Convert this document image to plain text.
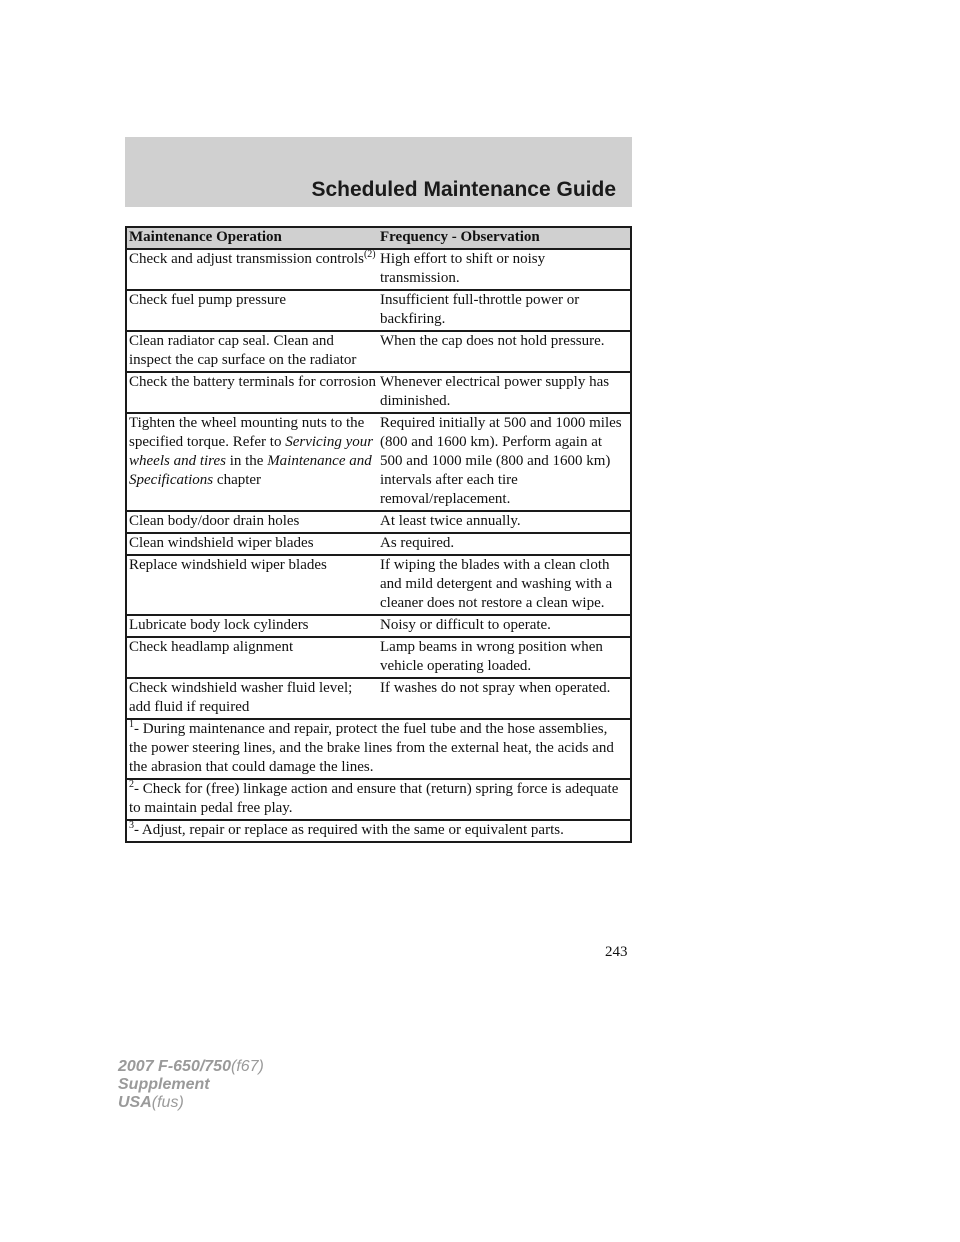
Scheduled Maintenance Guide
Maintenance Operation	Frequency - Observation
Check and adjust transmission controls$^{(2)}$	High effort to shift or noisy transmission.
Check fuel pump pressure	Insufficient full-throttle power or backfiring.
Clean radiator cap seal. Clean and inspect the cap surface on the radiator	When the cap does not hold pressure.
Check the battery terminals for corrosion	Whenever electrical power supply has diminished.
Tighten the wheel mounting nuts to the specified torque. Refer to Servicing your wheels and tires in the Maintenance and Specifications chapter	Required initially at 500 and 1000 miles (800 and 1600 km). Perform again at 500 and 1000 mile (800 and 1600 km) intervals after each tire removal/replacement.
Clean body/door drain holes	At least twice annually.
Clean windshield wiper blades	As required.
Replace windshield wiper blades	If wiping the blades with a clean cloth and mild detergent and washing with a cleaner does not restore a clean wipe.
Lubricate body lock cylinders	Noisy or difficult to operate.
Check headlamp alignment	Lamp beams in wrong position when vehicle operating loaded.
Check windshield washer fluid level; add fluid if required	If washes do not spray when operated.
$^1$- During maintenance and repair, protect the fuel tube and the hose assemblies, the power steering lines, and the brake lines from the external heat, the acids and the abrasion that could damage the lines.	
$^2$- Check for (free) linkage action and ensure that (return) spring force is adequate to maintain pedal free play.	
$^3$- Adjust, repair or replace as required with the same or equivalent parts.	
243
2007 F-650/750(f67)
Supplement
USA(fus)
